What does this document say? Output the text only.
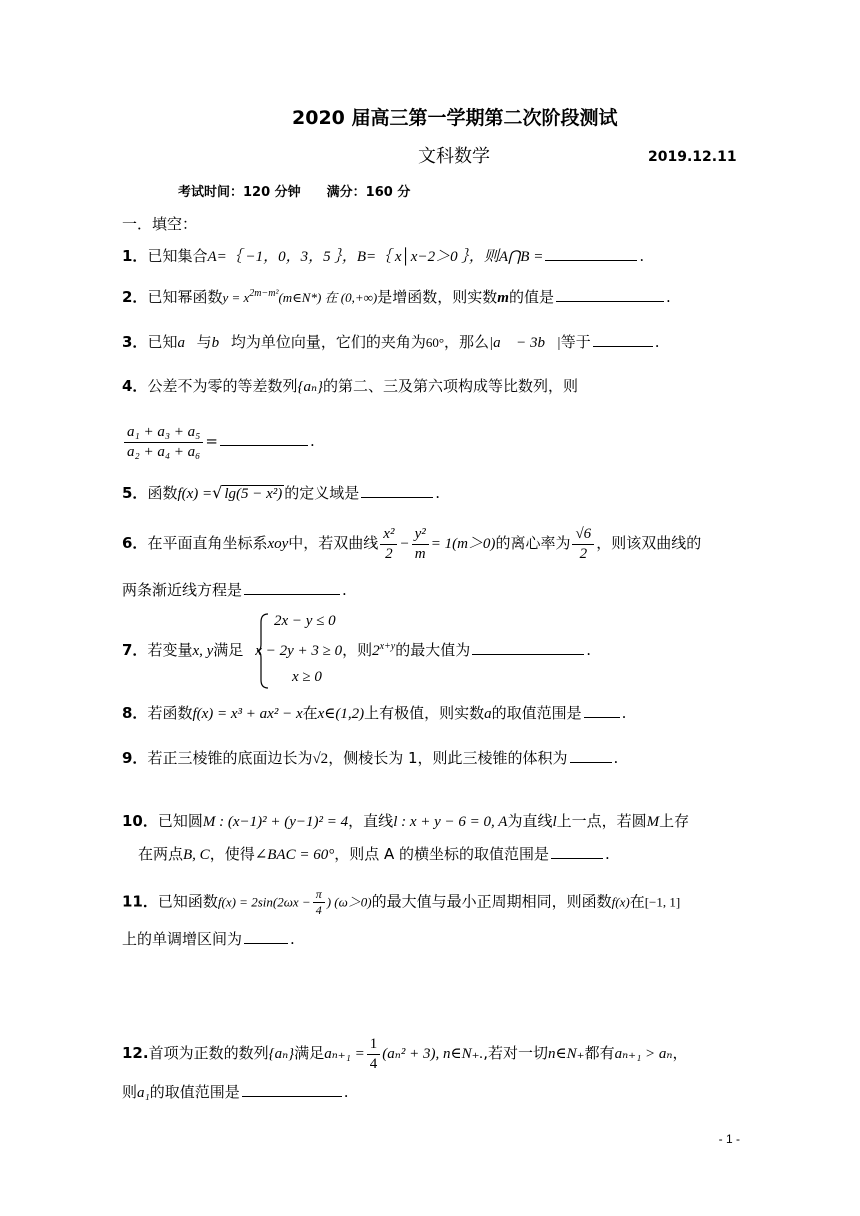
2020 届高三第一学期第二次阶段测试
文科数学	2019.12.11
考试时间：120 分钟　　满分：160 分
一．填空：
1．已知集合A=｛ −1，0，3，5 ｝，B=｛ x│x−2＞0 ｝，则A⋂B =	.
2．已知幂函数$y = x^{2m-m^2}(m\in N*)$ 在 (0,+∞)是增函数，则实数m的值是	.
3．已知a⃗与b⃗均为单位向量，它们的夹角为60°，那么|a⃗ − 3b⃗|等于	.
4．公差不为零的等差数列{aₙ}的第二、三及第六项构成等比数列，则
$\frac{\text{a₁ + a₃ + a₅}}{\text{a₂ + a₄ + a₆}}$ =	.
5．函数f(x) =√ lg(5 − x²) 的定义域是	.
6．在平面直角坐标系xoy中，若双曲线 $\frac{\text{x²}}{2} - \frac{\text{y²}}{m} = 1(m>0)$的离心率为 $\frac{√6}{2}$ ，则该双曲线的
两条渐近线方程是	.
2x − y ≤ 0
7．若变量x, y满足 x − 2y + 3 ≥ 0，则$2^{x+y}$的最大值为	.
x ≥ 0
8．若函数f(x) = x³ + ax² − x在x∈(1,2)上有极值，则实数a的取值范围是	.
9．若正三棱锥的底面边长为√2，侧棱长为 1，则此三棱锥的体积为	.
10．已知圆M : (x−1)² + (y−1)² = 4，直线l : x + y − 6 = 0, A为直线l上一点，若圆M上存
在两点B, C，使得∠BAC = 60°，则点 A 的横坐标的取值范围是	.
11．已知函数$f(x) = 2\sin(2\omega x - \frac{\pi}{4}$ ) (ω＞0)的最大值与最小正周期相同，则函数f(x)在[−1, 1]
上的单调增区间为	.
12.首项为正数的数列{aₙ}满足$a_{n+1} = \frac{1}{4} (a_n^2 + 3)$, n∈N₊.,若对一切n∈N₊都有aₙ₊₁ > aₙ，
则a₁的取值范围是	.
- 1 -
